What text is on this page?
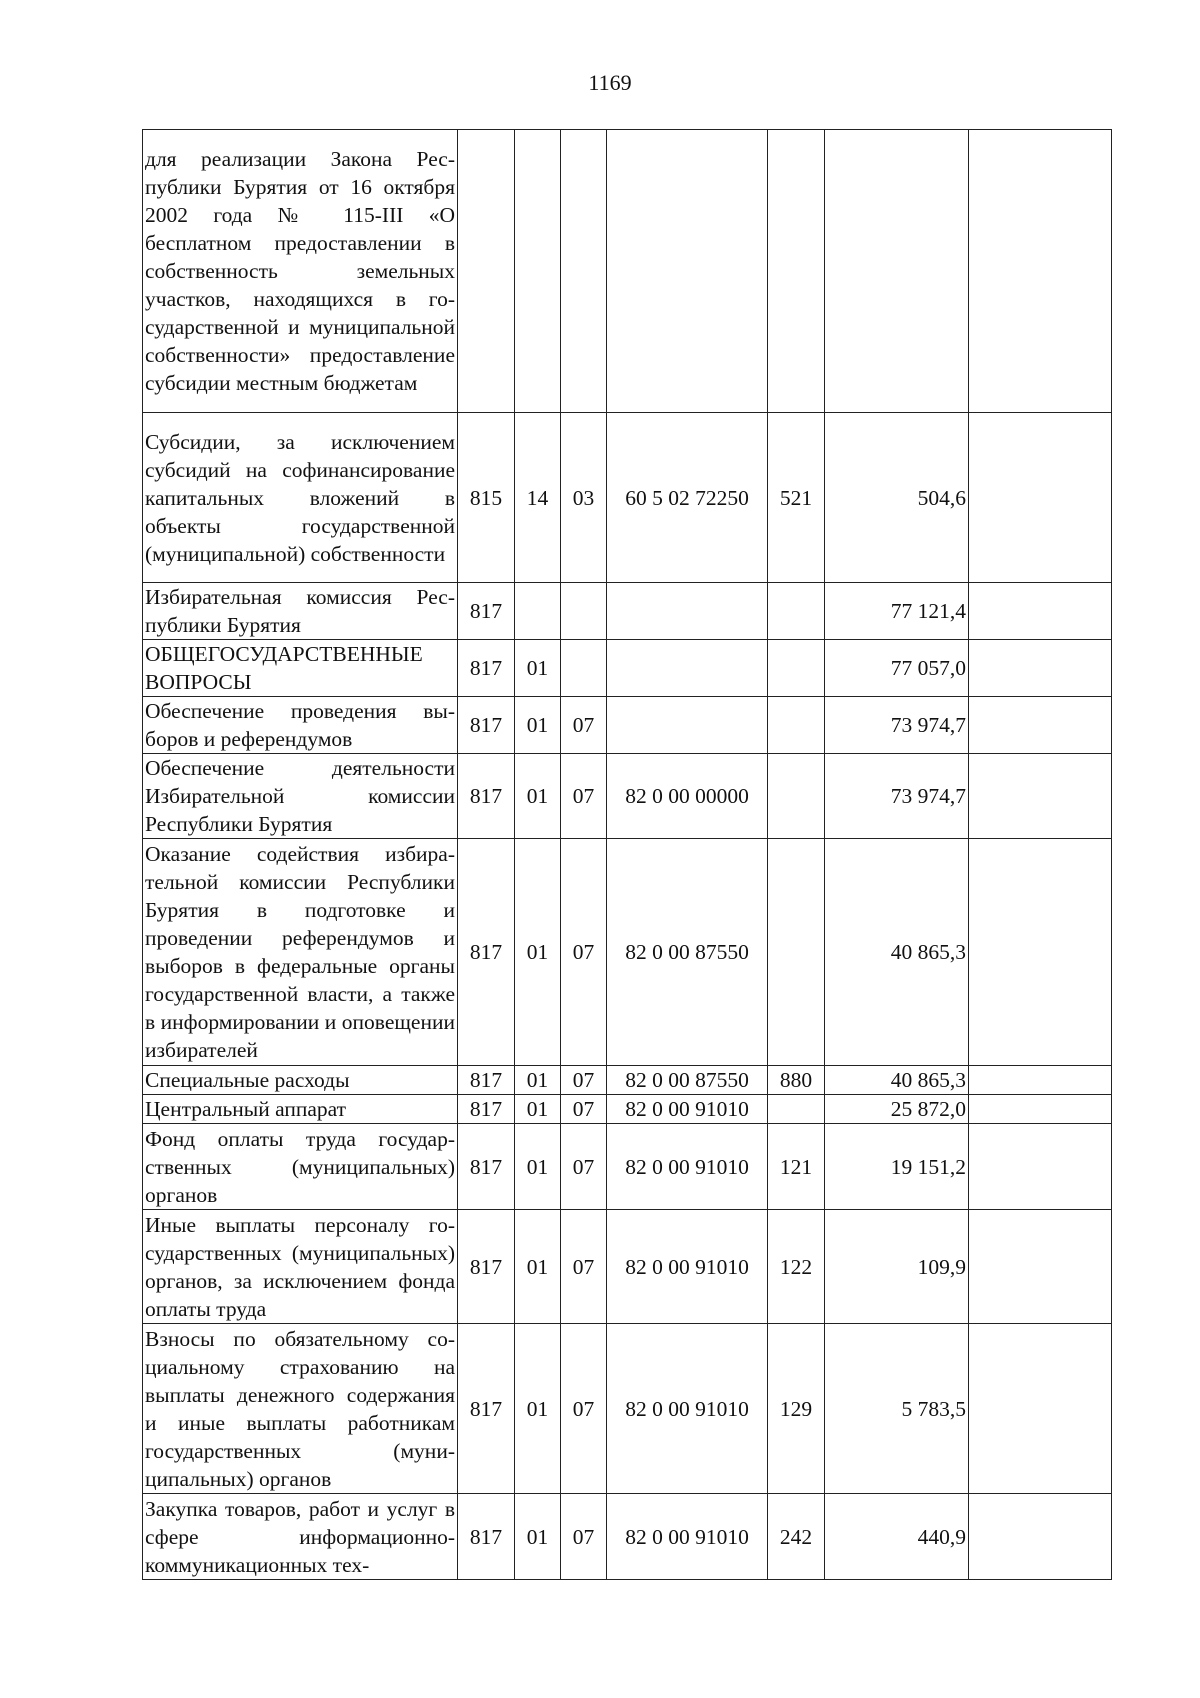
1169
для реализации Закона Республики Бурятия от 16 октября 2002 года № 115-III «О бесплатном предоставлении в собственность земельных участков, находящихся в государственной и муниципальной собственности» предоставление субсидии местным бюджетам							
Субсидии, за исключением субсидий на софинансирование капитальных вложений в объекты государственной (муниципальной) собственности	815	14	03	60 5 02 72250	521	504,6	
Избирательная комиссия Республики Бурятия	817					77 121,4	
ОБЩЕГОСУДАРСТВЕННЫЕ ВОПРОСЫ	817	01				77 057,0	
Обеспечение проведения выборов и референдумов	817	01	07			73 974,7	
Обеспечение деятельности Избирательной комиссии Республики Бурятия	817	01	07	82 0 00 00000		73 974,7	
Оказание содействия избирательной комиссии Республики Бурятия в подготовке и проведении референдумов и выборов в федеральные органы государственной власти, а также в информировании и оповещении избирателей	817	01	07	82 0 00 87550		40 865,3	
Специальные расходы	817	01	07	82 0 00 87550	880	40 865,3	
Центральный аппарат	817	01	07	82 0 00 91010		25 872,0	
Фонд оплаты труда государственных (муниципальных) органов	817	01	07	82 0 00 91010	121	19 151,2	
Иные выплаты персоналу государственных (муниципальных) органов, за исключением фонда оплаты труда	817	01	07	82 0 00 91010	122	109,9	
Взносы по обязательному социальному страхованию на выплаты денежного содержания и иные выплаты работникам государственных (муниципальных) органов	817	01	07	82 0 00 91010	129	5 783,5	
Закупка товаров, работ и услуг в сфере информационно-коммуникационных тех-	817	01	07	82 0 00 91010	242	440,9	
